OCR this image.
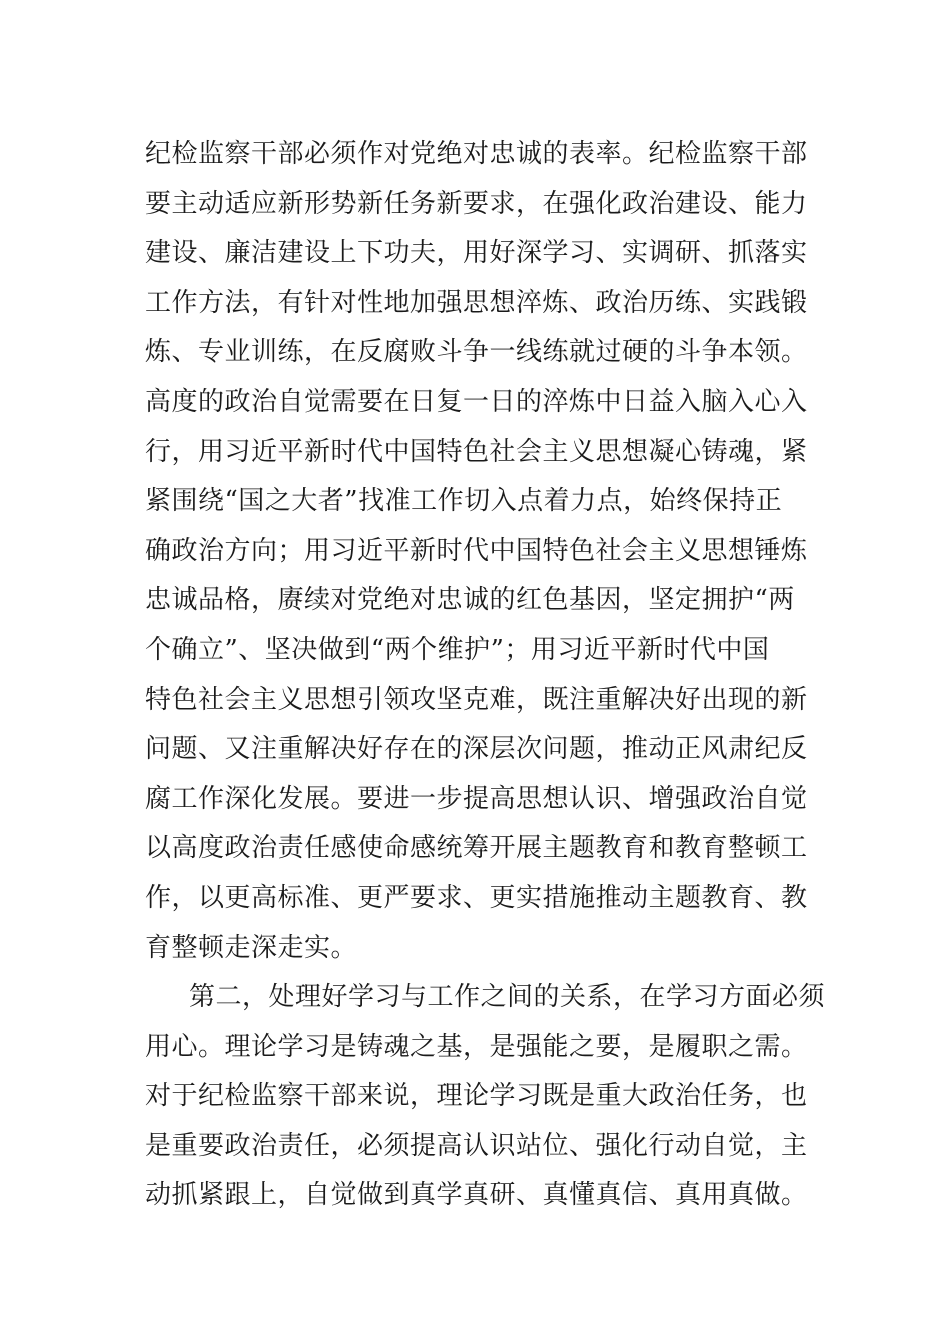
纪检监察干部必须作对党绝对忠诚的表率。纪检监察干部
要主动适应新形势新任务新要求，在强化政治建设、能力
建设、廉洁建设上下功夫，用好深学习、实调研、抓落实
工作方法，有针对性地加强思想淬炼、政治历练、实践锻
炼、专业训练，在反腐败斗争一线练就过硬的斗争本领。
高度的政治自觉需要在日复一日的淬炼中日益入脑入心入
行，用习近平新时代中国特色社会主义思想凝心铸魂，紧
紧围绕“国之大者”找准工作切入点着力点，始终保持正
确政治方向；用习近平新时代中国特色社会主义思想锤炼
忠诚品格，赓续对党绝对忠诚的红色基因，坚定拥护“两
个确立”、坚决做到“两个维护”；用习近平新时代中国
特色社会主义思想引领攻坚克难，既注重解决好出现的新
问题、又注重解决好存在的深层次问题，推动正风肃纪反
腐工作深化发展。要进一步提高思想认识、增强政治自觉
以高度政治责任感使命感统筹开展主题教育和教育整顿工
作，以更高标准、更严要求、更实措施推动主题教育、教
育整顿走深走实。
第二，处理好学习与工作之间的关系，在学习方面必须
用心。理论学习是铸魂之基，是强能之要，是履职之需。
对于纪检监察干部来说，理论学习既是重大政治任务，也
是重要政治责任，必须提高认识站位、强化行动自觉，主
动抓紧跟上，自觉做到真学真研、真懂真信、真用真做。
